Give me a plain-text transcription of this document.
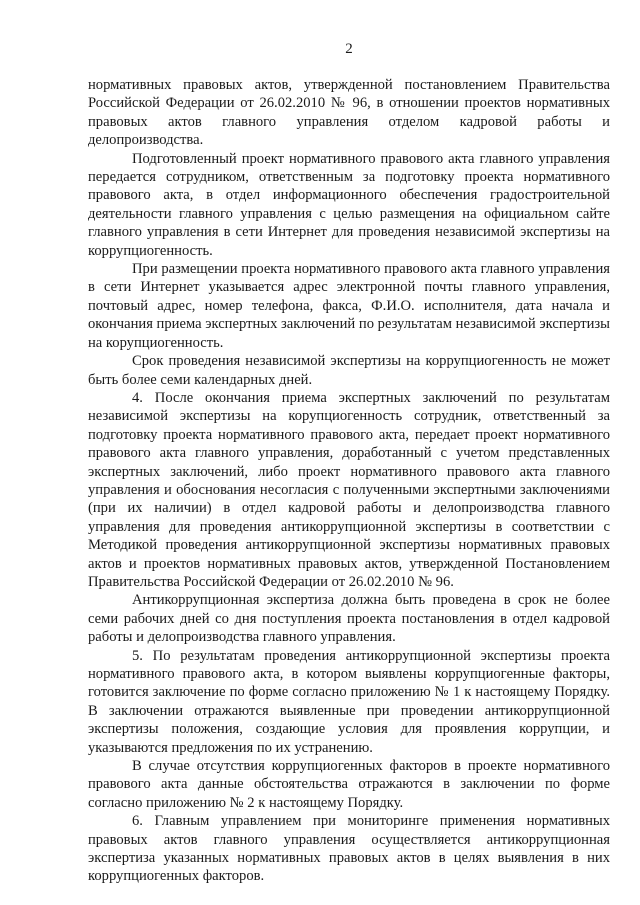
2

нормативных правовых актов, утвержденной постановлением Правительства Российской Федерации от 26.02.2010 № 96, в отношении проектов нормативных правовых актов главного управления отделом кадровой работы и делопроизводства.

Подготовленный проект нормативного правового акта главного управления передается сотрудником, ответственным за подготовку проекта нормативного правового акта, в отдел информационного обеспечения градостроительной деятельности главного управления с целью размещения на официальном сайте главного управления в сети Интернет для проведения независимой экспертизы на коррупциогенность.

При размещении проекта нормативного правового акта главного управления в сети Интернет указывается адрес электронной почты главного управления, почтовый адрес, номер телефона, факса, Ф.И.О. исполнителя, дата начала и окончания приема экспертных заключений по результатам независимой экспертизы на корупциогенность.

Срок проведения независимой экспертизы на коррупциогенность не может быть более семи календарных дней.

4. После окончания приема экспертных заключений по результатам независимой экспертизы на корупциогенность сотрудник, ответственный за подготовку проекта нормативного правового акта, передает проект нормативного правового акта главного управления, доработанный с учетом представленных экспертных заключений, либо проект нормативного правового акта главного управления и обоснования несогласия с полученными экспертными заключениями (при их наличии) в отдел кадровой работы и делопроизводства главного управления для проведения антикоррупционной экспертизы в соответствии с Методикой проведения антикоррупционной экспертизы нормативных правовых актов и проектов нормативных правовых актов, утвержденной Постановлением Правительства Российской Федерации от 26.02.2010 № 96.

Антикоррупционная экспертиза должна быть проведена в срок не более семи рабочих дней со дня поступления проекта постановления в отдел кадровой работы и делопроизводства главного управления.

5. По результатам проведения антикоррупционной экспертизы проекта нормативного правового акта, в котором выявлены коррупциогенные факторы, готовится заключение по форме согласно приложению № 1 к настоящему Порядку. В заключении отражаются выявленные при проведении антикоррупционной экспертизы положения, создающие условия для проявления коррупции, и указываются предложения по их устранению.

В случае отсутствия коррупциогенных факторов в проекте нормативного правового акта данные обстоятельства отражаются в заключении по форме согласно приложению № 2 к настоящему Порядку.

6. Главным управлением при мониторинге применения нормативных правовых актов главного управления осуществляется антикоррупционная экспертиза указанных нормативных правовых актов в целях выявления в них коррупциогенных факторов.
